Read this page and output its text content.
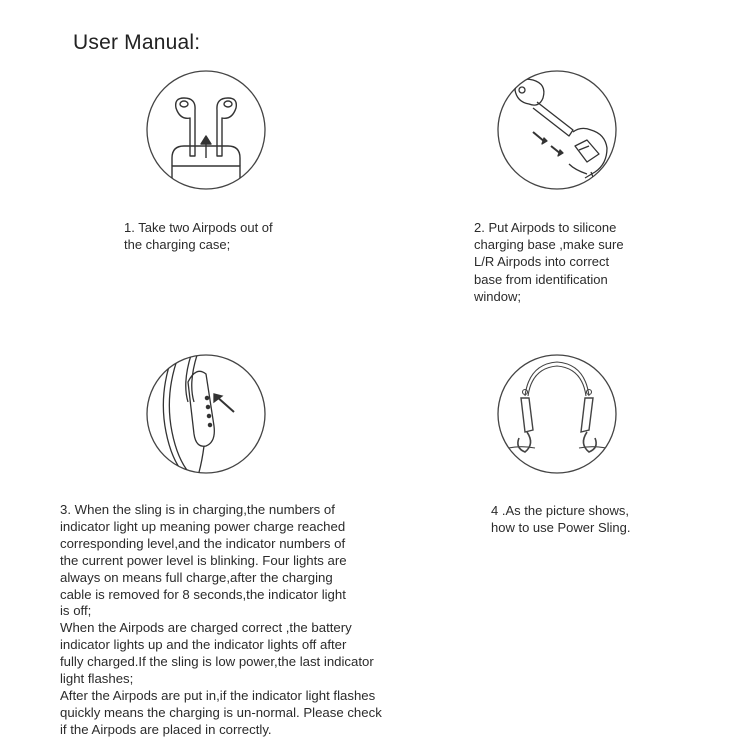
User Manual:

1. Take two Airpods out of
the charging case;

2. Put Airpods to silicone
charging base ,make sure
L/R Airpods into correct
base from identification
window;

3. When the sling is in charging,the numbers of
indicator light up meaning power charge reached
corresponding level,and the indicator numbers of
the current power level is blinking. Four lights are
always on means full charge,after the charging
cable is removed for 8 seconds,the indicator light
is off;
When the Airpods are charged correct ,the battery
indicator lights up and the indicator lights off after
fully charged.If the sling is low power,the last indicator
light flashes;
After the Airpods are put in,if the indicator light flashes
quickly means the charging is un-normal. Please check
if the Airpods are placed in correctly.

4 .As the picture shows,
how to use Power Sling.
